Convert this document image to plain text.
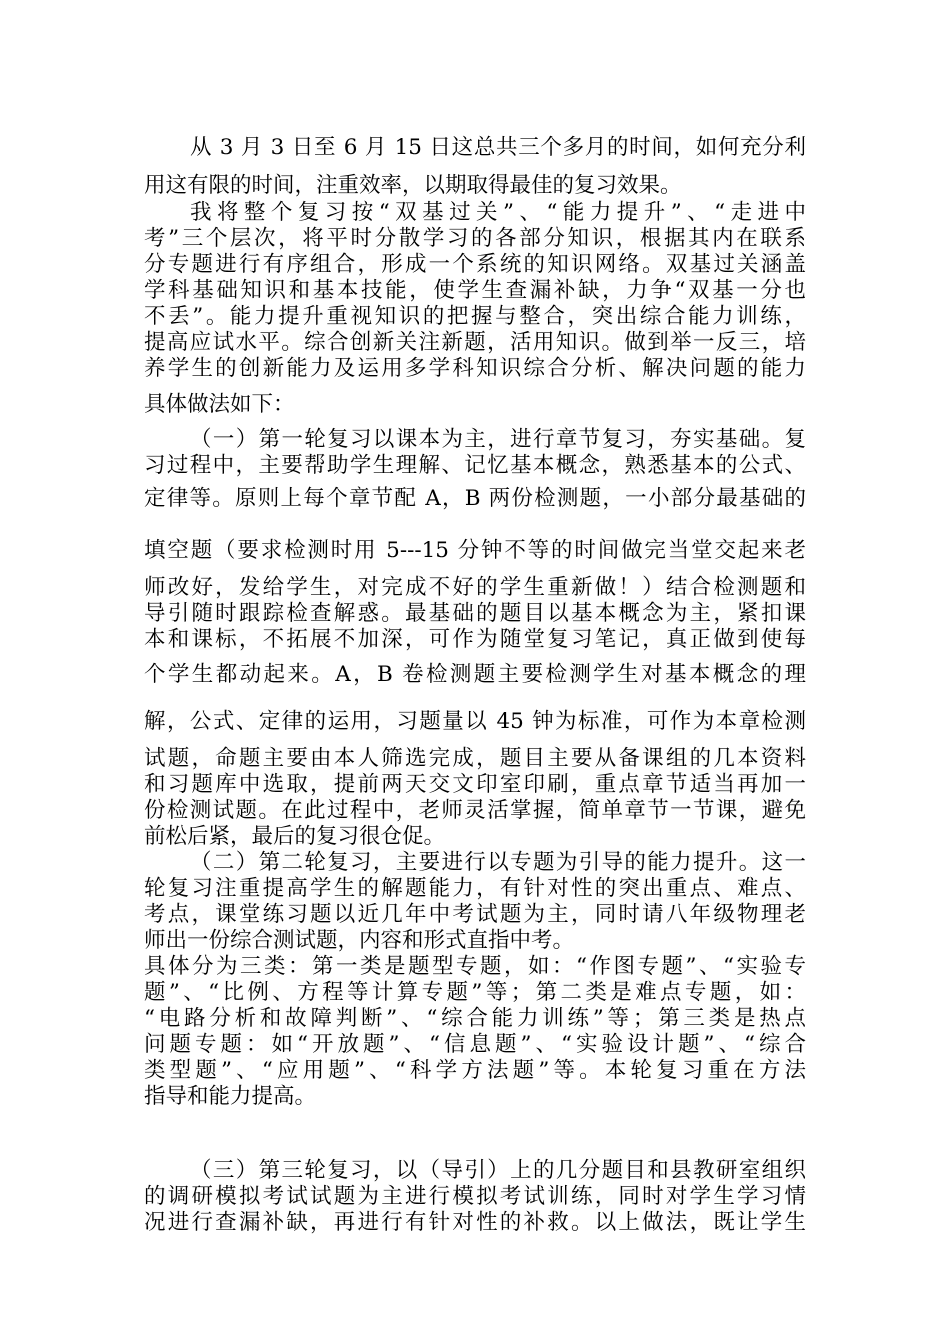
从 3 月 3 日至 6 月 15 日这总共三个多月的时间，如何充分利
用这有限的时间，注重效率，以期取得最佳的复习效果。
我将整个复习按“双基过关”、“能力提升”、“走进中
考”三个层次，将平时分散学习的各部分知识，根据其内在联系
分专题进行有序组合，形成一个系统的知识网络。双基过关涵盖
学科基础知识和基本技能，使学生查漏补缺，力争“双基一分也
不丢”。能力提升重视知识的把握与整合，突出综合能力训练，
提高应试水平。综合创新关注新题，活用知识。做到举一反三，培
养学生的创新能力及运用多学科知识综合分析、解决问题的能力
具体做法如下：
（一）第一轮复习以课本为主，进行章节复习，夯实基础。复
习过程中，主要帮助学生理解、记忆基本概念，熟悉基本的公式、
定律等。原则上每个章节配 A，B 两份检测题，一小部分最基础的
填空题（要求检测时用 5---15 分钟不等的时间做完当堂交起来老
师改好，发给学生，对完成不好的学生重新做！）结合检测题和
导引随时跟踪检查解惑。最基础的题目以基本概念为主，紧扣课
本和课标，不拓展不加深，可作为随堂复习笔记，真正做到使每
个学生都动起来。A，B 卷检测题主要检测学生对基本概念的理
解，公式、定律的运用，习题量以 45 钟为标准，可作为本章检测
试题，命题主要由本人筛选完成，题目主要从备课组的几本资料
和习题库中选取，提前两天交文印室印刷，重点章节适当再加一
份检测试题。在此过程中，老师灵活掌握，简单章节一节课，避免
前松后紧，最后的复习很仓促。
（二）第二轮复习，主要进行以专题为引导的能力提升。这一
轮复习注重提高学生的解题能力，有针对性的突出重点、难点、
考点，课堂练习题以近几年中考试题为主，同时请八年级物理老
师出一份综合测试题，内容和形式直指中考。
具体分为三类：第一类是题型专题，如：“作图专题”、“实验专
题”、“比例、方程等计算专题”等；第二类是难点专题，如：
“电路分析和故障判断”、“综合能力训练”等；第三类是热点
问题专题：如“开放题”、“信息题”、“实验设计题”、“综合
类型题”、“应用题”、“科学方法题”等。本轮复习重在方法
指导和能力提高。
（三）第三轮复习，以（导引）上的几分题目和县教研室组织
的调研模拟考试试题为主进行模拟考试训练，同时对学生学习情
况进行查漏补缺，再进行有针对性的补救。以上做法，既让学生
